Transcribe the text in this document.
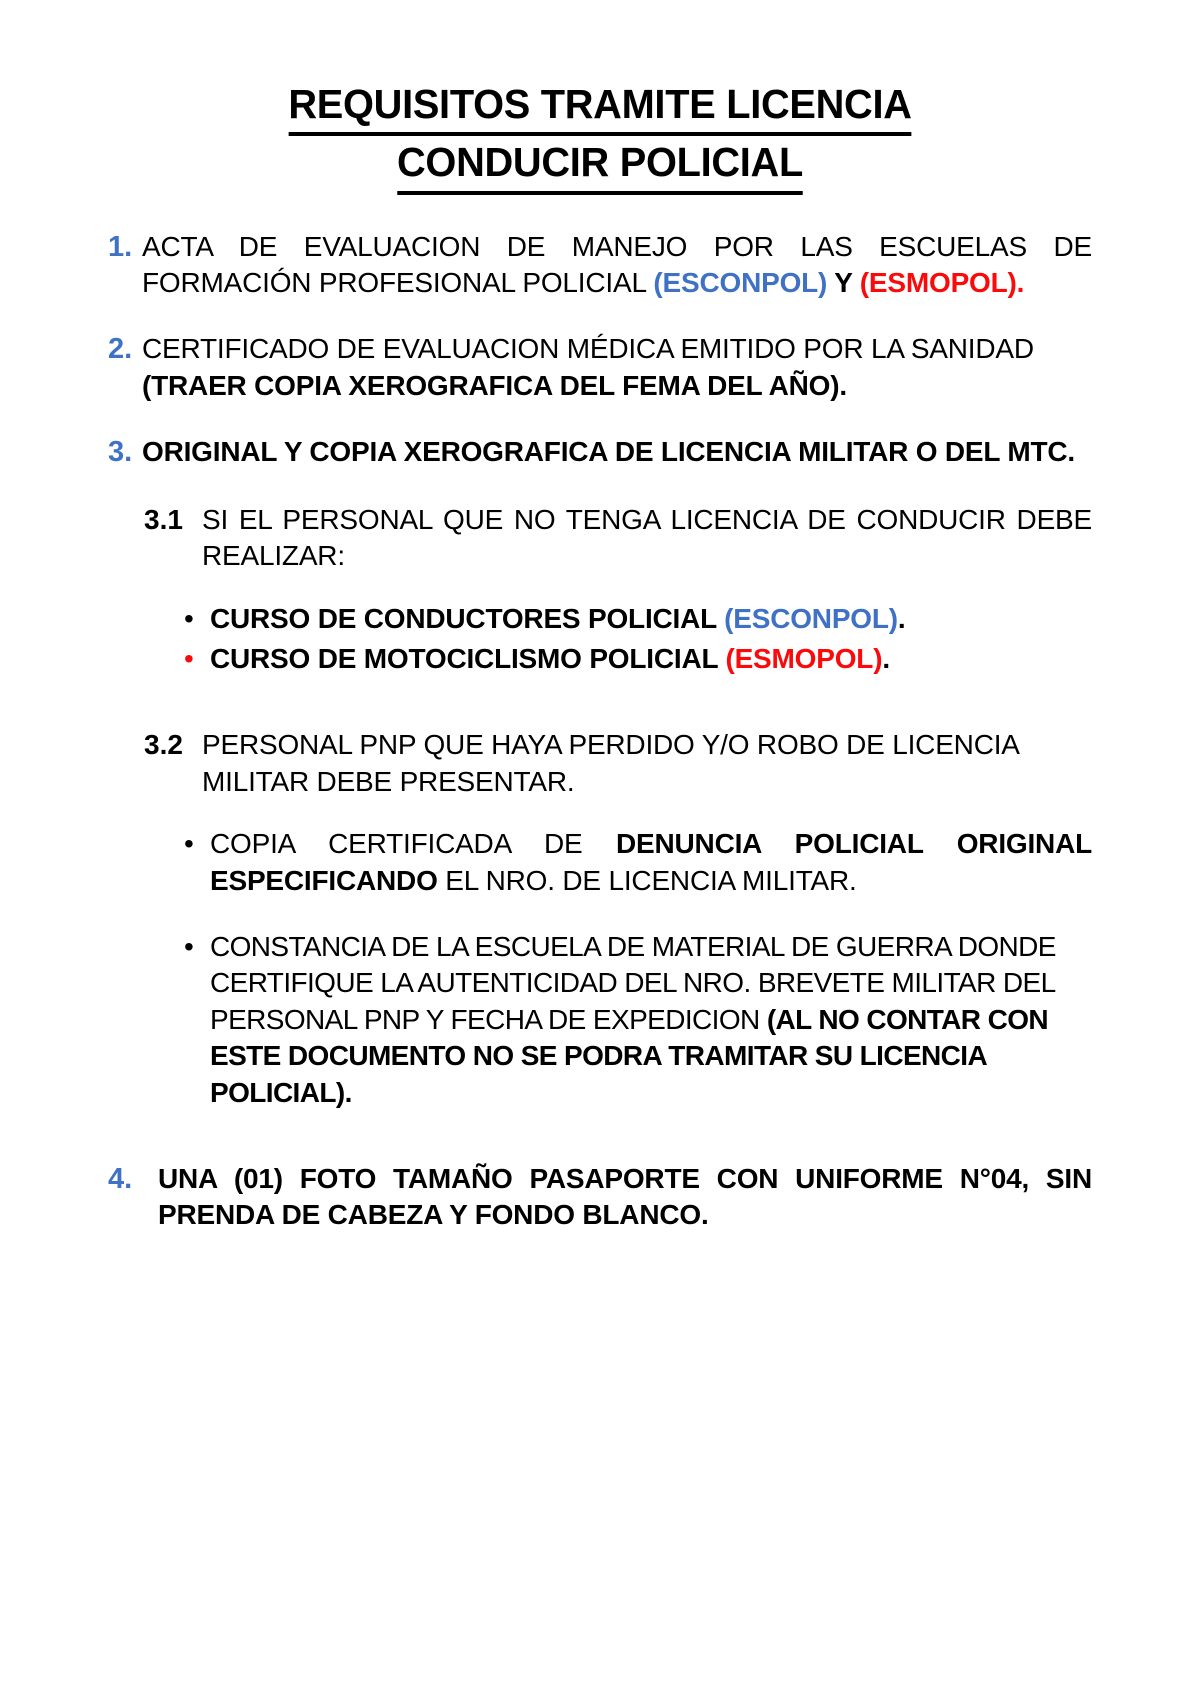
REQUISITOS TRAMITE LICENCIA
CONDUCIR POLICIAL
1. ACTA DE EVALUACION DE MANEJO POR LAS ESCUELAS DE FORMACIÓN PROFESIONAL POLICIAL (ESCONPOL) Y (ESMOPOL).
2. CERTIFICADO DE EVALUACION MÉDICA EMITIDO POR LA SANIDAD (TRAER COPIA XEROGRAFICA DEL FEMA DEL AÑO).
3. ORIGINAL Y COPIA XEROGRAFICA DE LICENCIA MILITAR O DEL MTC.
3.1 SI EL PERSONAL QUE NO TENGA LICENCIA DE CONDUCIR DEBE REALIZAR:
• CURSO DE CONDUCTORES POLICIAL (ESCONPOL).
• CURSO DE MOTOCICLISMO POLICIAL (ESMOPOL).
3.2 PERSONAL PNP QUE HAYA PERDIDO Y/O ROBO DE LICENCIA MILITAR DEBE PRESENTAR.
• COPIA CERTIFICADA DE DENUNCIA POLICIAL ORIGINAL ESPECIFICANDO EL NRO. DE LICENCIA MILITAR.
• CONSTANCIA DE LA ESCUELA DE MATERIAL DE GUERRA DONDE CERTIFIQUE LA AUTENTICIDAD DEL NRO. BREVETE MILITAR DEL PERSONAL PNP Y FECHA DE EXPEDICION (AL NO CONTAR CON ESTE DOCUMENTO NO SE PODRA TRAMITAR SU LICENCIA POLICIAL).
4. UNA (01) FOTO TAMAÑO PASAPORTE CON UNIFORME N°04, SIN PRENDA DE CABEZA Y FONDO BLANCO.
